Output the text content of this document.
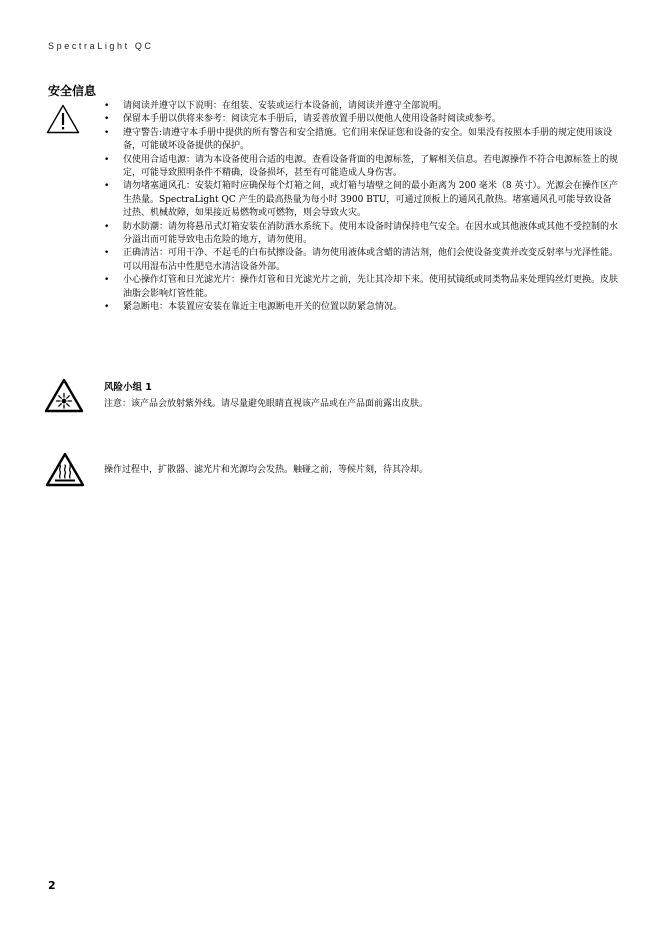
SpectraLight QC
安全信息
• 请阅读并遵守以下说明：在组装、安装或运行本设备前，请阅读并遵守全部说明。
• 保留本手册以供将来参考：阅读完本手册后，请妥善放置手册以便他人使用设备时阅读或参考。
• 遵守警告:请遵守本手册中提供的所有警告和安全措施。它们用来保证您和设备的安全。如果没有按照本手册的规定使用该设备，可能破坏设备提供的保护。
• 仅使用合适电源：请为本设备使用合适的电源。查看设备背面的电源标签，了解相关信息。若电源操作不符合电源标签上的规定，可能导致照明条件不精确，设备损坏，甚至有可能造成人身伤害。
• 请勿堵塞通风孔：安装灯箱时应确保每个灯箱之间，或灯箱与墙壁之间的最小距离为 200 毫米（8 英寸）。光源会在操作区产生热量。SpectraLight QC 产生的最高热量为每小时 3900 BTU，可通过顶板上的通风孔散热。堵塞通风孔可能导致设备过热、机械故障，如果接近易燃物或可燃物，则会导致火灾。
• 防水防潮：请勿将悬吊式灯箱安装在消防洒水系统下。使用本设备时请保持电气安全。在因水或其他液体或其他不受控制的水分溢出而可能导致电击危险的地方，请勿使用。
• 正确清洁：可用干净、不起毛的白布拭擦设备。请勿使用液体或含蜡的清洁剂，他们会使设备变黄并改变反射率与光泽性能。可以用湿布沾中性肥皂水清洁设备外部。
• 小心操作灯管和日光滤光片：操作灯管和日光滤光片之前，先让其冷却下来。使用拭镜纸或同类物品来处理钨丝灯更换。皮肤油脂会影响灯管性能。
• 紧急断电：本装置应安装在靠近主电源断电开关的位置以防紧急情况。
风险小组 1
注意：该产品会放射紫外线。请尽量避免眼睛直视该产品或在产品面前露出皮肤。
操作过程中，扩散器、滤光片和光源均会发热。触碰之前，等候片刻，待其冷却。
2
